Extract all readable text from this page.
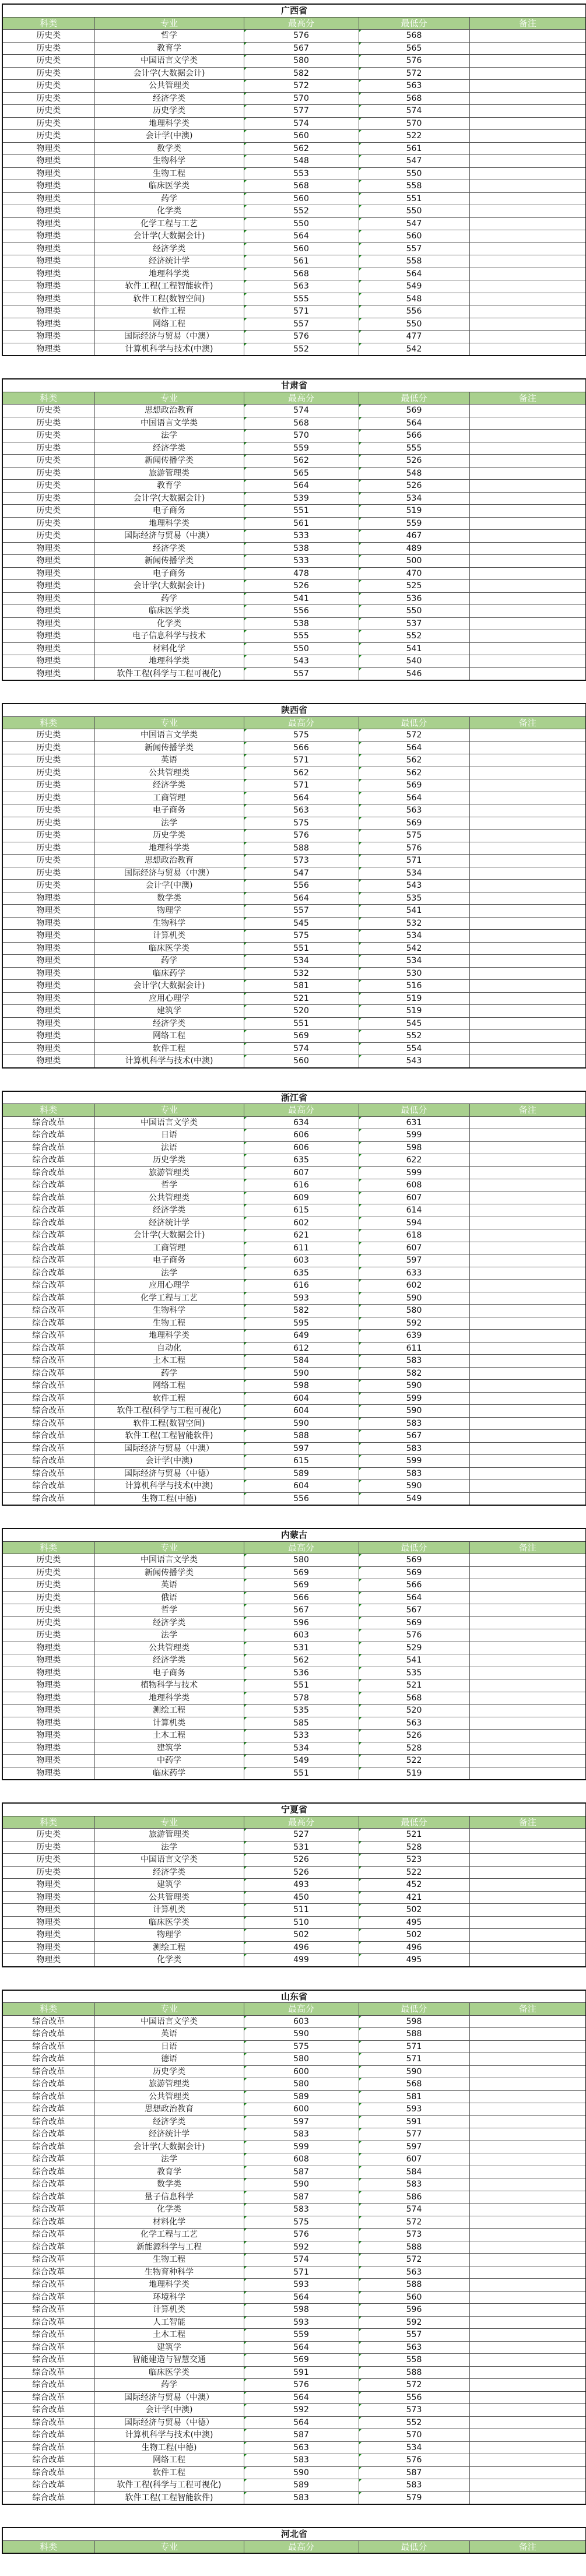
广西省				
科类	专业	最高分	最低分	备注
历史类	哲学	576	568	
历史类	教育学	567	565	
历史类	中国语言文学类	580	576	
历史类	会计学(大数据会计)	582	572	
历史类	公共管理类	572	563	
历史类	经济学类	570	568	
历史类	历史学类	577	574	
历史类	地理科学类	574	570	
历史类	会计学(中澳)	560	522	
物理类	数学类	562	561	
物理类	生物科学	548	547	
物理类	生物工程	553	550	
物理类	临床医学类	568	558	
物理类	药学	560	551	
物理类	化学类	552	550	
物理类	化学工程与工艺	550	547	
物理类	会计学(大数据会计)	564	560	
物理类	经济学类	560	557	
物理类	经济统计学	561	558	
物理类	地理科学类	568	564	
物理类	软件工程(工程智能软件)	563	549	
物理类	软件工程(数智空间)	555	548	
物理类	软件工程	571	556	
物理类	网络工程	557	550	
物理类	国际经济与贸易（中澳）	576	477	
物理类	计算机科学与技术(中澳)	552	542	
甘肃省				
科类	专业	最高分	最低分	备注
历史类	思想政治教育	574	569	
历史类	中国语言文学类	568	564	
历史类	法学	570	566	
历史类	经济学类	559	555	
历史类	新闻传播学类	562	526	
历史类	旅游管理类	565	548	
历史类	教育学	564	526	
历史类	会计学(大数据会计)	539	534	
历史类	电子商务	551	519	
历史类	地理科学类	561	559	
历史类	国际经济与贸易（中澳）	533	467	
物理类	经济学类	538	489	
物理类	新闻传播学类	533	500	
物理类	电子商务	478	470	
物理类	会计学(大数据会计)	526	525	
物理类	药学	541	536	
物理类	临床医学类	556	550	
物理类	化学类	538	537	
物理类	电子信息科学与技术	555	552	
物理类	材料化学	550	541	
物理类	地理科学类	543	540	
物理类	软件工程(科学与工程可视化)	557	546	
陕西省				
科类	专业	最高分	最低分	备注
历史类	中国语言文学类	575	572	
历史类	新闻传播学类	566	564	
历史类	英语	571	562	
历史类	公共管理类	562	562	
历史类	经济学类	571	569	
历史类	工商管理	564	564	
历史类	电子商务	563	563	
历史类	法学	575	569	
历史类	历史学类	576	575	
历史类	地理科学类	588	576	
历史类	思想政治教育	573	571	
历史类	国际经济与贸易（中澳）	547	534	
历史类	会计学(中澳)	556	543	
物理类	数学类	564	535	
物理类	物理学	557	541	
物理类	生物科学	545	532	
物理类	计算机类	575	534	
物理类	临床医学类	551	542	
物理类	药学	534	534	
物理类	临床药学	532	530	
物理类	会计学(大数据会计)	581	516	
物理类	应用心理学	521	519	
物理类	建筑学	520	519	
物理类	经济学类	551	545	
物理类	网络工程	569	552	
物理类	软件工程	574	554	
物理类	计算机科学与技术(中澳)	560	543	
浙江省				
科类	专业	最高分	最低分	备注
综合改革	中国语言文学类	634	631	
综合改革	日语	606	599	
综合改革	法语	606	598	
综合改革	历史学类	635	622	
综合改革	旅游管理类	607	599	
综合改革	哲学	616	608	
综合改革	公共管理类	609	607	
综合改革	经济学类	615	614	
综合改革	经济统计学	602	594	
综合改革	会计学(大数据会计)	621	618	
综合改革	工商管理	611	607	
综合改革	电子商务	603	597	
综合改革	法学	635	633	
综合改革	应用心理学	616	602	
综合改革	化学工程与工艺	593	590	
综合改革	生物科学	582	580	
综合改革	生物工程	595	592	
综合改革	地理科学类	649	639	
综合改革	自动化	612	611	
综合改革	土木工程	584	583	
综合改革	药学	590	582	
综合改革	网络工程	598	590	
综合改革	软件工程	604	599	
综合改革	软件工程(科学与工程可视化)	604	590	
综合改革	软件工程(数智空间)	590	583	
综合改革	软件工程(工程智能软件)	588	567	
综合改革	国际经济与贸易（中澳）	597	583	
综合改革	会计学(中澳)	615	599	
综合改革	国际经济与贸易（中德）	589	583	
综合改革	计算机科学与技术(中澳)	604	590	
综合改革	生物工程(中德)	556	549	
内蒙古				
科类	专业	最高分	最低分	备注
历史类	中国语言文学类	580	569	
历史类	新闻传播学类	569	569	
历史类	英语	569	566	
历史类	俄语	566	564	
历史类	哲学	567	567	
历史类	经济学类	596	569	
历史类	法学	603	576	
物理类	公共管理类	531	529	
物理类	经济学类	562	541	
物理类	电子商务	536	535	
物理类	植物科学与技术	551	521	
物理类	地理科学类	578	568	
物理类	测绘工程	535	520	
物理类	计算机类	585	563	
物理类	土木工程	533	526	
物理类	建筑学	534	528	
物理类	中药学	549	522	
物理类	临床药学	551	519	
宁夏省				
科类	专业	最高分	最低分	备注
历史类	旅游管理类	527	521	
历史类	法学	531	528	
历史类	中国语言文学类	526	523	
历史类	经济学类	526	522	
物理类	建筑学	493	452	
物理类	公共管理类	450	421	
物理类	计算机类	511	502	
物理类	临床医学类	510	495	
物理类	物理学	502	502	
物理类	测绘工程	496	496	
物理类	化学类	499	495	
山东省				
科类	专业	最高分	最低分	备注
综合改革	中国语言文学类	603	598	
综合改革	英语	590	588	
综合改革	日语	575	571	
综合改革	德语	580	571	
综合改革	历史学类	600	590	
综合改革	旅游管理类	580	568	
综合改革	公共管理类	589	581	
综合改革	思想政治教育	600	593	
综合改革	经济学类	597	591	
综合改革	经济统计学	583	577	
综合改革	会计学(大数据会计)	599	597	
综合改革	法学	608	607	
综合改革	教育学	587	584	
综合改革	数学类	590	583	
综合改革	量子信息科学	587	586	
综合改革	化学类	583	574	
综合改革	材料化学	575	572	
综合改革	化学工程与工艺	576	573	
综合改革	新能源科学与工程	592	588	
综合改革	生物工程	574	572	
综合改革	生物育种科学	571	563	
综合改革	地理科学类	593	588	
综合改革	环境科学	564	560	
综合改革	计算机类	598	596	
综合改革	人工智能	593	592	
综合改革	土木工程	559	557	
综合改革	建筑学	564	563	
综合改革	智能建造与智慧交通	569	558	
综合改革	临床医学类	591	588	
综合改革	药学	576	572	
综合改革	国际经济与贸易（中澳）	564	556	
综合改革	会计学(中澳)	592	573	
综合改革	国际经济与贸易（中德）	564	552	
综合改革	计算机科学与技术(中澳)	587	570	
综合改革	生物工程(中德)	563	534	
综合改革	网络工程	583	576	
综合改革	软件工程	590	587	
综合改革	软件工程(科学与工程可视化)	589	583	
综合改革	软件工程(工程智能软件)	583	579	
河北省
科类	专业	最高分	最低分	备注
